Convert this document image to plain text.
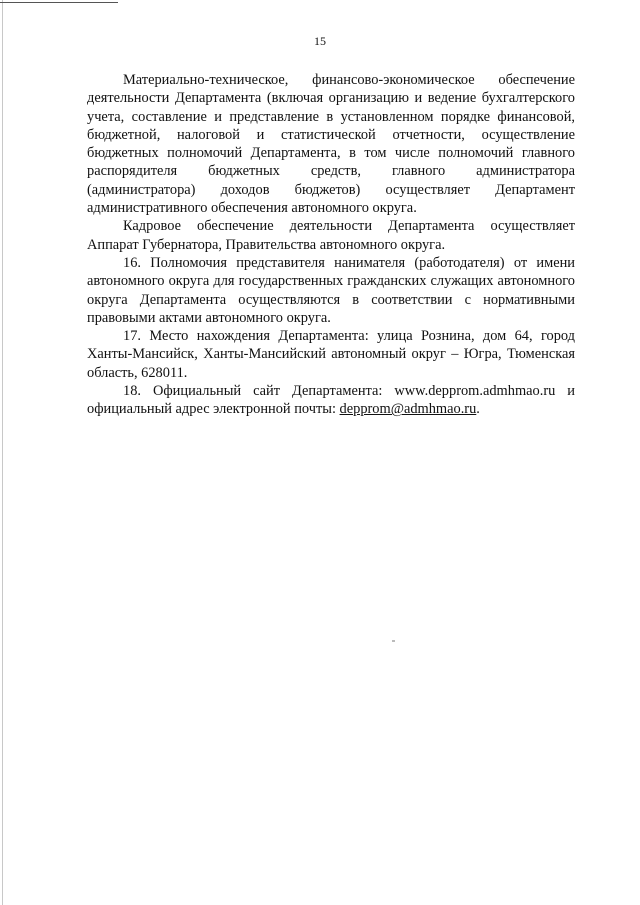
15

Материально-техническое, финансово-экономическое обеспечение деятельности Департамента (включая организацию и ведение бухгалтерского учета, составление и представление в установленном порядке финансовой, бюджетной, налоговой и статистической отчетности, осуществление бюджетных полномочий Департамента, в том числе полномочий главного распорядителя бюджетных средств, главного администратора (администратора) доходов бюджетов) осуществляет Департамент административного обеспечения автономного округа.

Кадровое обеспечение деятельности Департамента осуществляет Аппарат Губернатора, Правительства автономного округа.

16. Полномочия представителя нанимателя (работодателя) от имени автономного округа для государственных гражданских служащих автономного округа Департамента осуществляются в соответствии с нормативными правовыми актами автономного округа.

17. Место нахождения Департамента: улица Рознина, дом 64, город Ханты-Мансийск, Ханты-Мансийский автономный округ – Югра, Тюменская область, 628011.

18. Официальный сайт Департамента: www.depprom.admhmao.ru и официальный адрес электронной почты: depprom@admhmao.ru.
